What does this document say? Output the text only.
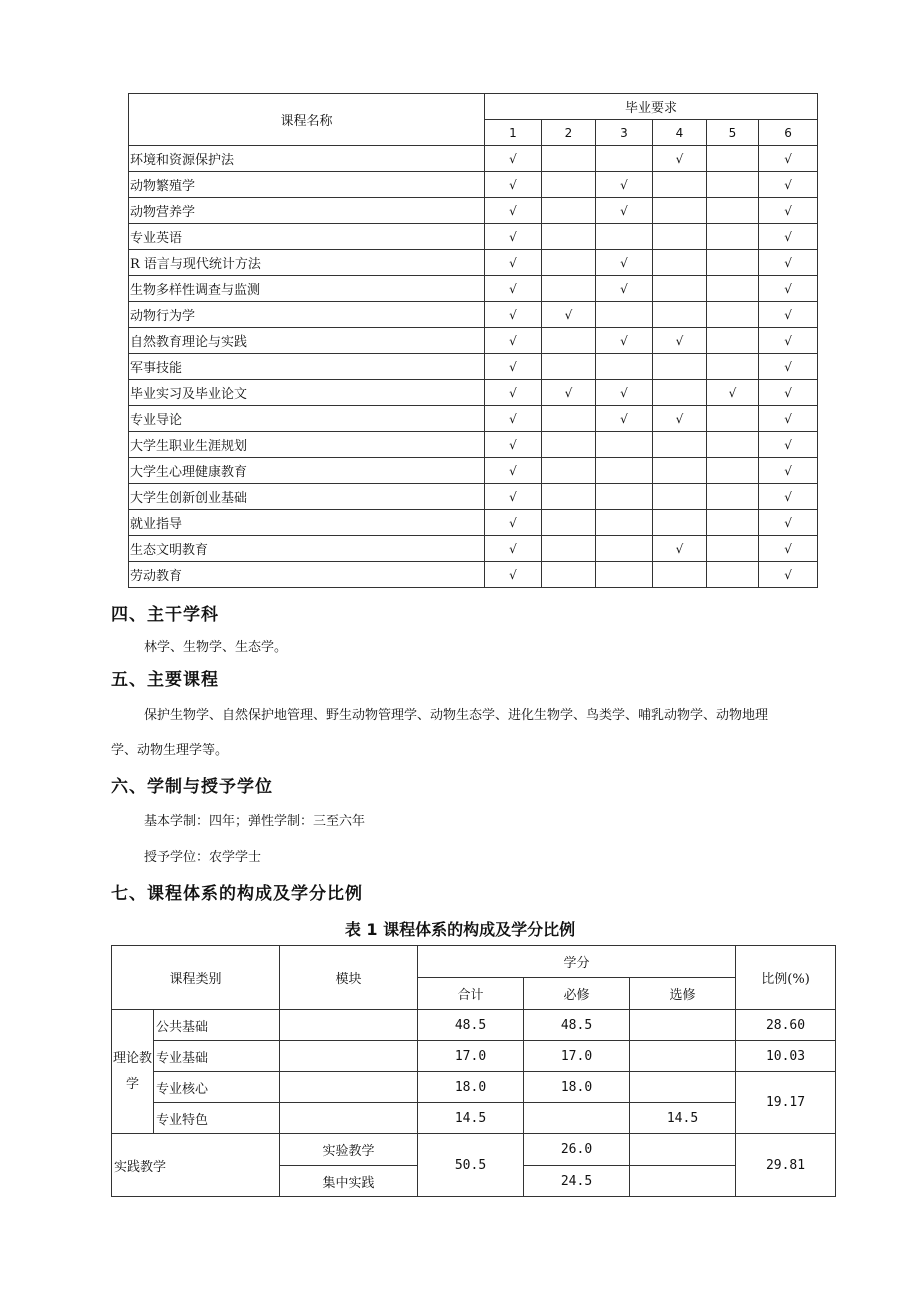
课程名称	毕业要求					
	1	2	3	4	5	6
环境和资源保护法	√			√		√
动物繁殖学	√		√			√
动物营养学	√		√			√
专业英语	√					√
R 语言与现代统计方法	√		√			√
生物多样性调查与监测	√		√			√
动物行为学	√	√				√
自然教育理论与实践	√		√	√		√
军事技能	√					√
毕业实习及毕业论文	√	√	√		√	√
专业导论	√		√	√		√
大学生职业生涯规划	√					√
大学生心理健康教育	√					√
大学生创新创业基础	√					√
就业指导	√					√
生态文明教育	√			√		√
劳动教育	√					√
四、主干学科

林学、生物学、生态学。

五、主要课程

保护生物学、自然保护地管理、野生动物管理学、动物生态学、进化生物学、鸟类学、哺乳动物学、动物地理

学、动物生理学等。

六、学制与授予学位

基本学制：四年；弹性学制：三至六年

授予学位：农学学士

七、课程体系的构成及学分比例

表 1 课程体系的构成及学分比例

课程类别		模块	学分			比例(%)
			合计	必修	选修	
理论教学	公共基础		48.5	48.5		28.60
	专业基础		17.0	17.0		10.03
	专业核心		18.0	18.0		19.17
	专业特色		14.5		14.5	
实践教学		实验教学	50.5	26.0		29.81
		集中实践		24.5		
